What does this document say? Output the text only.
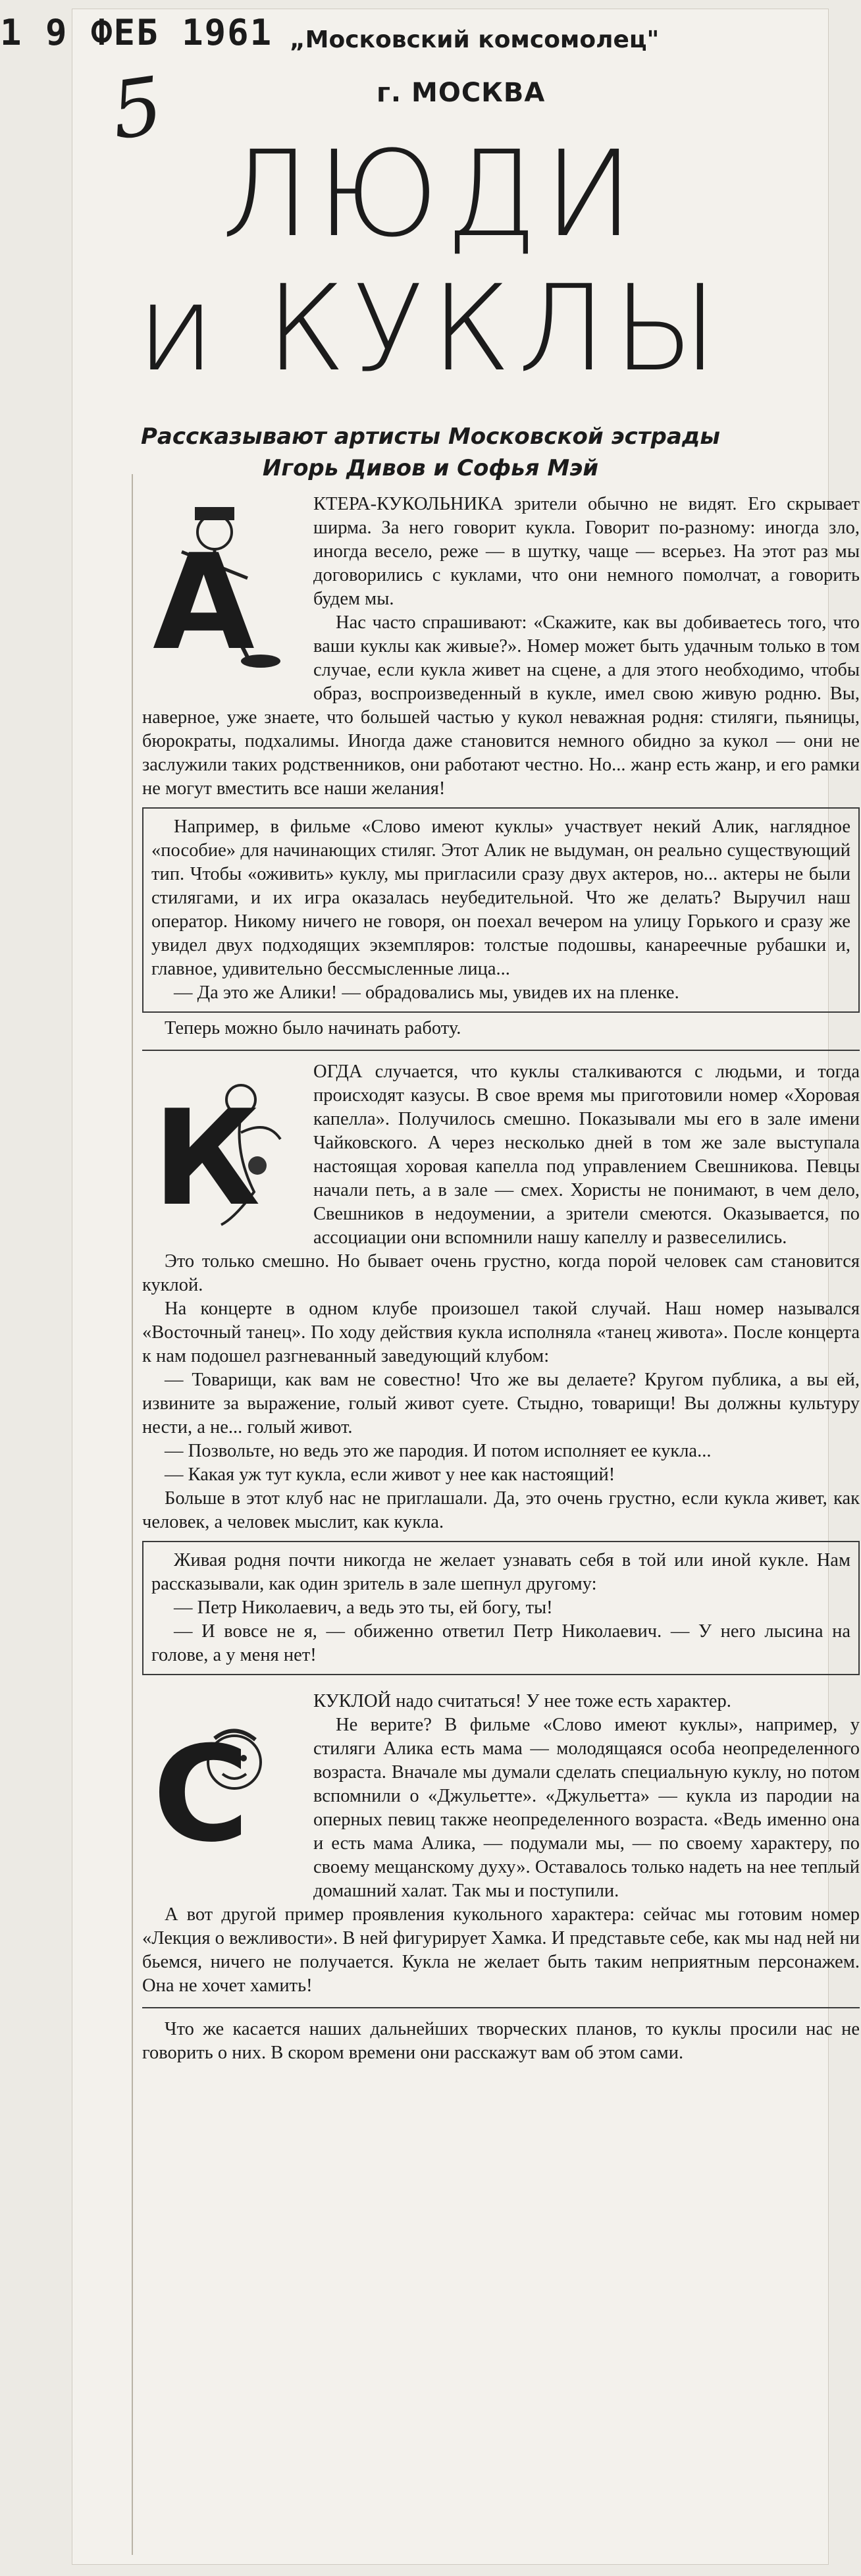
1 9 ФЕБ 1961 „Московский комсомолец"
г. МОСКВА
5
ЛЮДИ
и КУКЛЫ
Рассказывают артисты Московской эстрады
Игорь Дивов и Софья Мэй
А

КТЕРА-КУКОЛЬНИКА зрители обычно не видят. Его скрывает ширма. За него говорит кукла. Говорит по-разному: иногда зло, иногда весело, реже — в шутку, чаще — всерьез. На этот раз мы договорились с куклами, что они немного помолчат, а говорить будем мы.

Нас часто спрашивают: «Скажите, как вы добиваетесь того, что ваши куклы как живые?». Номер может быть удачным только в том случае, если кукла живет на сцене, а для этого необходимо, чтобы образ, воспроизведенный в кукле, имел свою живую родню. Вы, наверное, уже знаете, что большей частью у кукол неважная родня: стиляги, пьяницы, бюрократы, подхалимы. Иногда даже становится немного обидно за кукол — они не заслужили таких родственников, они работают честно. Но... жанр есть жанр, и его рамки не могут вместить все наши желания!

Например, в фильме «Слово имеют куклы» участвует некий Алик, наглядное «пособие» для начинающих стиляг. Этот Алик не выдуман, он реально существующий тип. Чтобы «оживить» куклу, мы пригласили сразу двух актеров, но... актеры не были стилягами, и их игра оказалась неубедительной. Что же делать? Выручил наш оператор. Никому ничего не говоря, он поехал вечером на улицу Горького и сразу же увидел двух подходящих экземпляров: толстые подошвы, канареечные рубашки и, главное, удивительно бессмысленные лица...

— Да это же Алики! — обрадовались мы, увидев их на пленке.

Теперь можно было начинать работу.

К

ОГДА случается, что куклы сталкиваются с людьми, и тогда происходят казусы. В свое время мы приготовили номер «Хоровая капелла». Получилось смешно. Показывали мы его в зале имени Чайковского. А через несколько дней в том же зале выступала настоящая хоровая капелла под управлением Свешникова. Певцы начали петь, а в зале — смех. Хористы не понимают, в чем дело, Свешников в недоумении, а зрители смеются. Оказывается, по ассоциации они вспомнили нашу капеллу и развеселились.

Это только смешно. Но бывает очень грустно, когда порой человек сам становится куклой.

На концерте в одном клубе произошел такой случай. Наш номер назывался «Восточный танец». По ходу действия кукла исполняла «танец живота». После концерта к нам подошел разгневанный заведующий клубом:

— Товарищи, как вам не совестно! Что же вы делаете? Кругом публика, а вы ей, извините за выражение, голый живот суете. Стыдно, товарищи! Вы должны культуру нести, а не... голый живот.

— Позвольте, но ведь это же пародия. И потом исполняет ее кукла...

— Какая уж тут кукла, если живот у нее как настоящий!

Больше в этот клуб нас не приглашали. Да, это очень грустно, если кукла живет, как человек, а человек мыслит, как кукла.

Живая родня почти никогда не желает узнавать себя в той или иной кукле. Нам рассказывали, как один зритель в зале шепнул другому:

— Петр Николаевич, а ведь это ты, ей богу, ты!

— И вовсе не я, — обиженно ответил Петр Николаевич. — У него лысина на голове, а у меня нет!

С

КУКЛОЙ надо считаться! У нее тоже есть характер.

Не верите? В фильме «Слово имеют куклы», например, у стиляги Алика есть мама — молодящаяся особа неопределенного возраста. Вначале мы думали сделать специальную куклу, но потом вспомнили о «Джульетте». «Джульетта» — кукла из пародии на оперных певиц также неопределенного возраста. «Ведь именно она и есть мама Алика, — подумали мы, — по своему характеру, по своему мещанскому духу». Оставалось только надеть на нее теплый домашний халат. Так мы и поступили.

А вот другой пример проявления кукольного характера: сейчас мы готовим номер «Лекция о вежливости». В ней фигурирует Хамка. И представьте себе, как мы над ней ни бьемся, ничего не получается. Кукла не желает быть таким неприятным персонажем. Она не хочет хамить!

Что же касается наших дальнейших творческих планов, то куклы просили нас не говорить о них. В скором времени они расскажут вам об этом сами.
